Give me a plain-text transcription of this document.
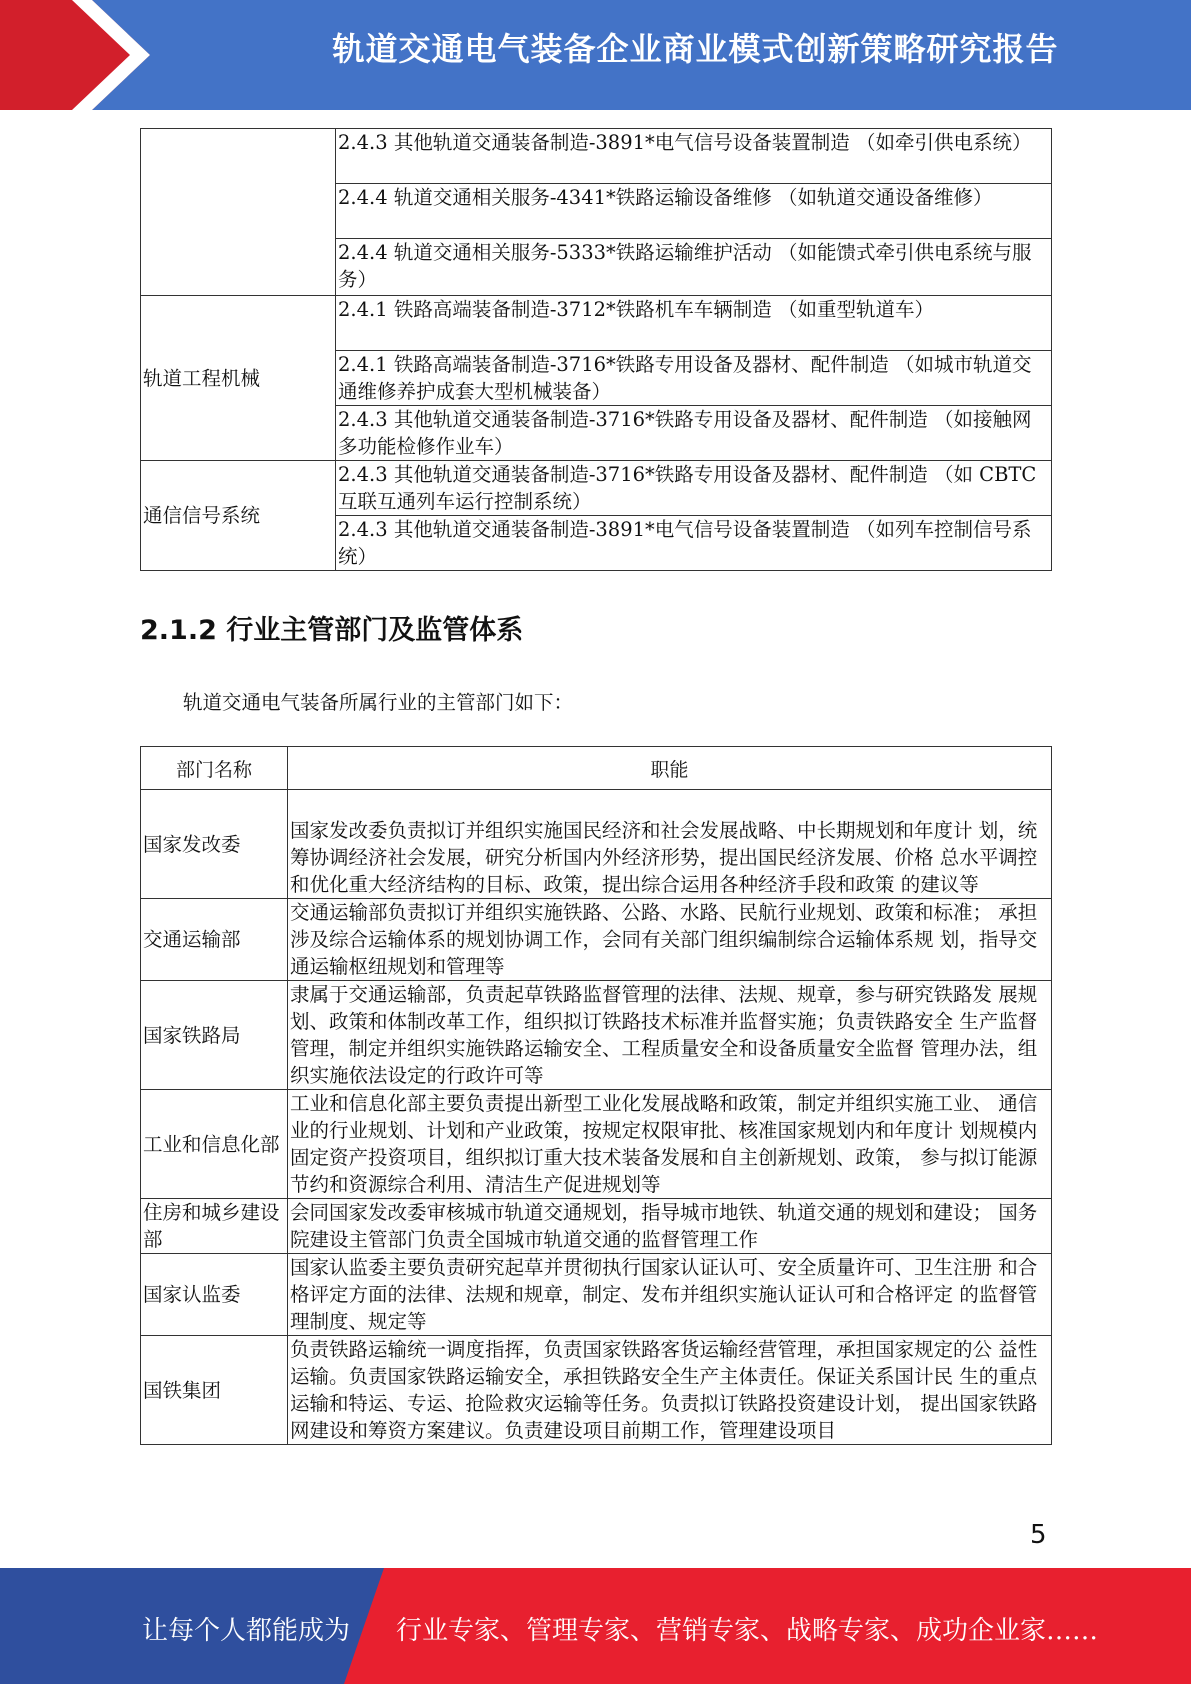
轨道交通电气装备企业商业模式创新策略研究报告
	2.4.3 其他轨道交通装备制造-3891*电气信号设备装置制造 （如牵引供电系统）
	2.4.4 轨道交通相关服务-4341*铁路运输设备维修 （如轨道交通设备维修）
	2.4.4 轨道交通相关服务-5333*铁路运输维护活动 （如能馈式牵引供电系统与服务）
轨道工程机械	2.4.1 铁路高端装备制造-3712*铁路机车车辆制造 （如重型轨道车）
	2.4.1 铁路高端装备制造-3716*铁路专用设备及器材、配件制造 （如城市轨道交通维修养护成套大型机械装备）
	2.4.3 其他轨道交通装备制造-3716*铁路专用设备及器材、配件制造 （如接触网多功能检修作业车）
通信信号系统	2.4.3 其他轨道交通装备制造-3716*铁路专用设备及器材、配件制造 （如 CBTC 互联互通列车运行控制系统）
	2.4.3 其他轨道交通装备制造-3891*电气信号设备装置制造 （如列车控制信号系统）
2.1.2 行业主管部门及监管体系
轨道交通电气装备所属行业的主管部门如下：
部门名称	职能
国家发改委	国家发改委负责拟订并组织实施国民经济和社会发展战略、中长期规划和年度计 划，统筹协调经济社会发展，研究分析国内外经济形势，提出国民经济发展、价格 总水平调控和优化重大经济结构的目标、政策，提出综合运用各种经济手段和政策 的建议等
交通运输部	交通运输部负责拟订并组织实施铁路、公路、水路、民航行业规划、政策和标准； 承担涉及综合运输体系的规划协调工作，会同有关部门组织编制综合运输体系规 划，指导交通运输枢纽规划和管理等
国家铁路局	隶属于交通运输部，负责起草铁路监督管理的法律、法规、规章，参与研究铁路发 展规划、政策和体制改革工作，组织拟订铁路技术标准并监督实施；负责铁路安全 生产监督管理，制定并组织实施铁路运输安全、工程质量安全和设备质量安全监督 管理办法，组织实施依法设定的行政许可等
工业和信息化部	工业和信息化部主要负责提出新型工业化发展战略和政策，制定并组织实施工业、 通信业的行业规划、计划和产业政策，按规定权限审批、核准国家规划内和年度计 划规模内固定资产投资项目，组织拟订重大技术装备发展和自主创新规划、政策， 参与拟订能源节约和资源综合利用、清洁生产促进规划等
住房和城乡建设部	会同国家发改委审核城市轨道交通规划，指导城市地铁、轨道交通的规划和建设； 国务院建设主管部门负责全国城市轨道交通的监督管理工作
国家认监委	国家认监委主要负责研究起草并贯彻执行国家认证认可、安全质量许可、卫生注册 和合格评定方面的法律、法规和规章，制定、发布并组织实施认证认可和合格评定 的监督管理制度、规定等
国铁集团	负责铁路运输统一调度指挥，负责国家铁路客货运输经营管理，承担国家规定的公 益性运输。负责国家铁路运输安全，承担铁路安全生产主体责任。保证关系国计民 生的重点运输和特运、专运、抢险救灾运输等任务。负责拟订铁路投资建设计划， 提出国家铁路网建设和筹资方案建议。负责建设项目前期工作，管理建设项目
5
让每个人都能成为 行业专家、管理专家、营销专家、战略专家、成功企业家……
